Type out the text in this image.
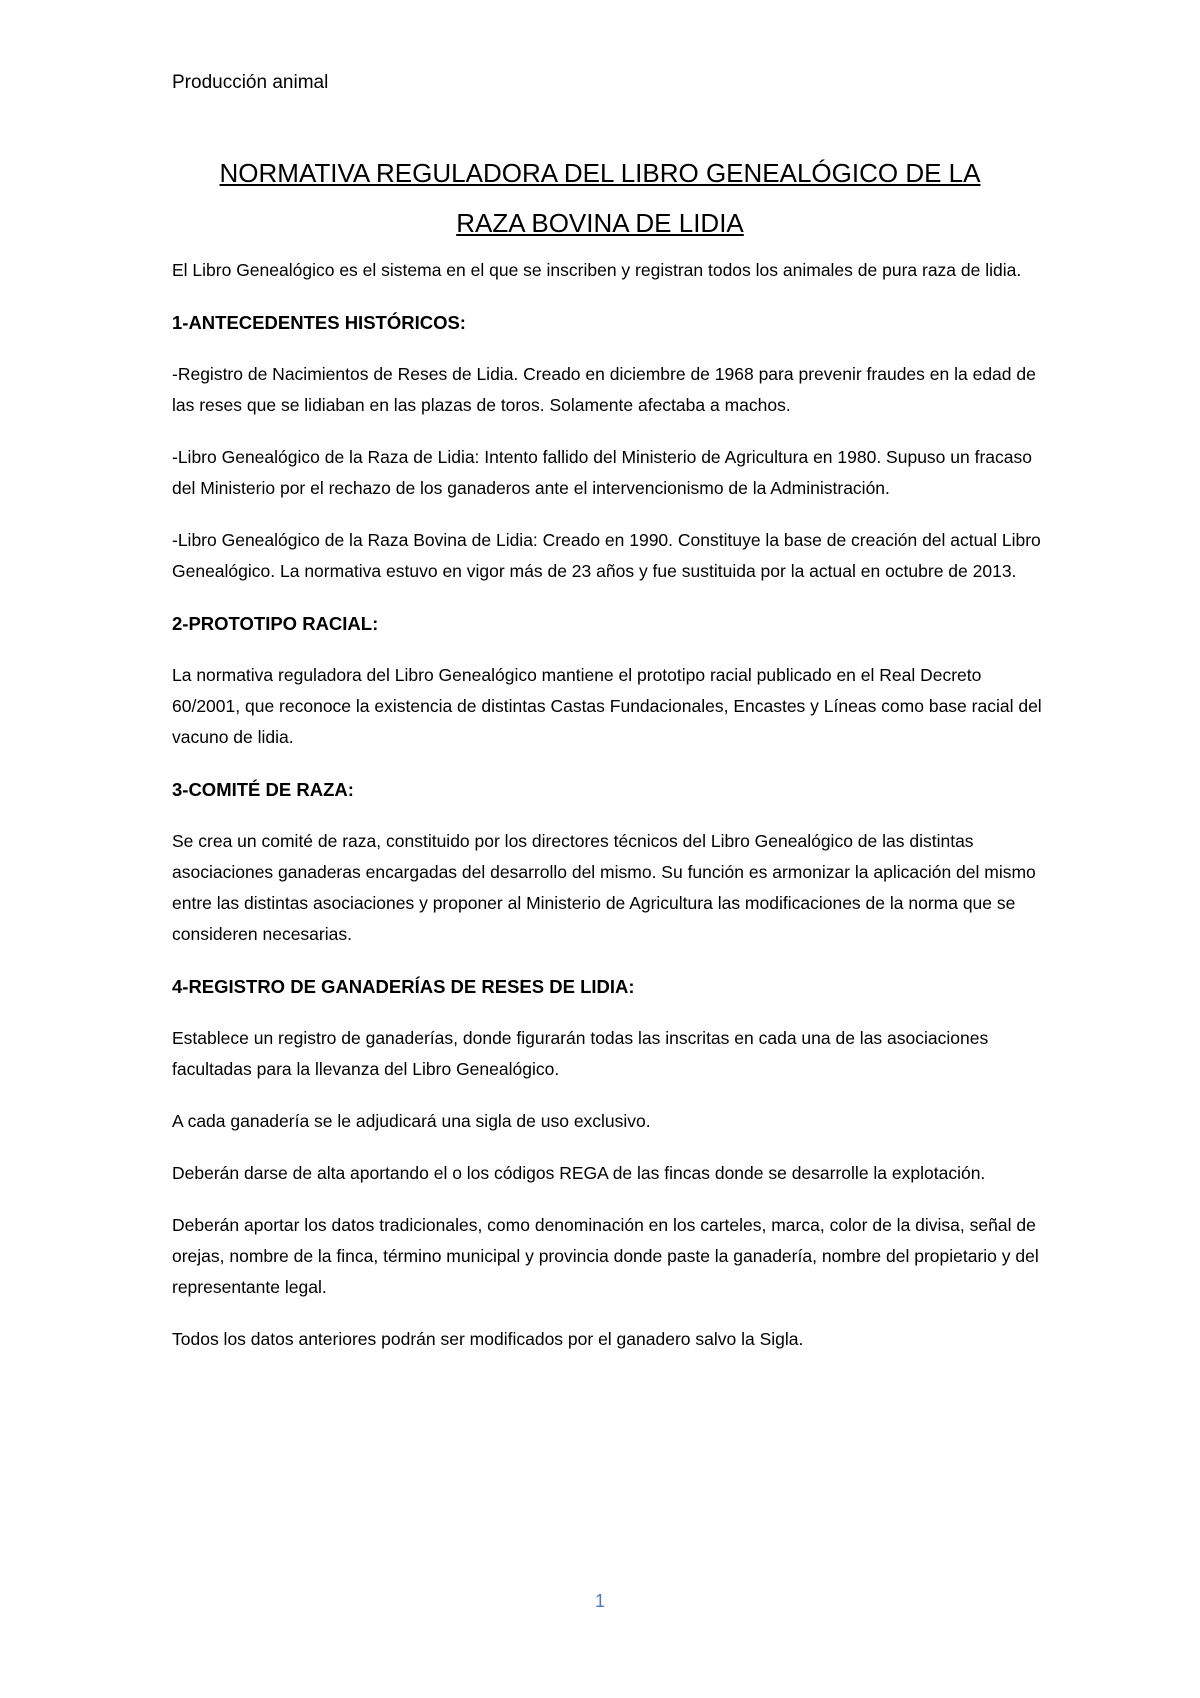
Producción animal
NORMATIVA REGULADORA DEL LIBRO GENEALÓGICO DE LA
RAZA BOVINA DE LIDIA

El Libro Genealógico es el sistema en el que se inscriben y registran todos los animales de pura raza de lidia.

1-ANTECEDENTES HISTÓRICOS:

-Registro de Nacimientos de Reses de Lidia. Creado en diciembre de 1968 para prevenir fraudes en la edad de las reses que se lidiaban en las plazas de toros. Solamente afectaba a machos.

-Libro Genealógico de la Raza de Lidia: Intento fallido del Ministerio de Agricultura en 1980. Supuso un fracaso del Ministerio por el rechazo de los ganaderos ante el intervencionismo de la Administración.

-Libro Genealógico de la Raza Bovina de Lidia: Creado en 1990. Constituye la base de creación del actual Libro Genealógico. La normativa estuvo en vigor más de 23 años y fue sustituida por la actual en octubre de 2013.

2-PROTOTIPO RACIAL:

La normativa reguladora del Libro Genealógico mantiene el prototipo racial publicado en el Real Decreto 60/2001, que reconoce la existencia de distintas Castas Fundacionales, Encastes y Líneas como base racial del vacuno de lidia.

3-COMITÉ DE RAZA:

Se crea un comité de raza, constituido por los directores técnicos del Libro Genealógico de las distintas asociaciones ganaderas encargadas del desarrollo del mismo. Su función es armonizar la aplicación del mismo entre las distintas asociaciones y proponer al Ministerio de Agricultura las modificaciones de la norma que se consideren necesarias.

4-REGISTRO DE GANADERÍAS DE RESES DE LIDIA:

Establece un registro de ganaderías, donde figurarán todas las inscritas en cada una de las asociaciones facultadas para la llevanza del Libro Genealógico.

A cada ganadería se le adjudicará una sigla de uso exclusivo.

Deberán darse de alta aportando el o los códigos REGA de las fincas donde se desarrolle la explotación.

Deberán aportar los datos tradicionales, como denominación en los carteles, marca, color de la divisa, señal de orejas, nombre de la finca, término municipal y provincia donde paste la ganadería, nombre del propietario y del representante legal.

Todos los datos anteriores podrán ser modificados por el ganadero salvo la Sigla.

1
